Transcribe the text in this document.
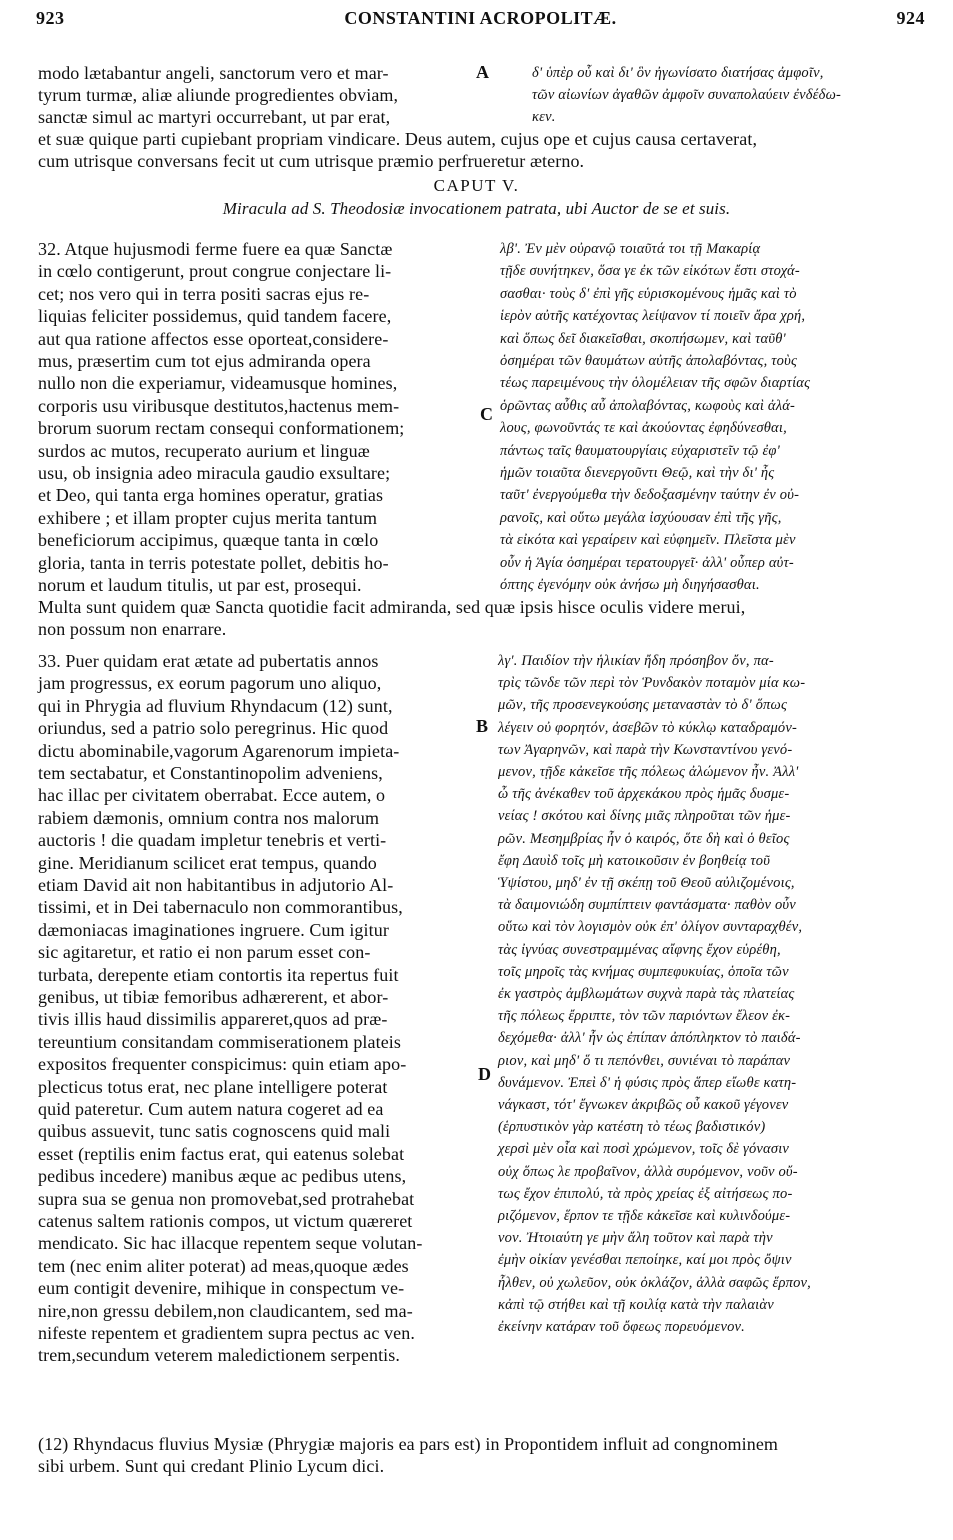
923	CONSTANTINI ACROPOLITÆ.	924
A
B
C
D
modo lætabantur angeli, sanctorum vero et mar-
tyrum turmæ, aliæ aliunde progredientes obviam,
sanctæ simul ac martyri occurrebant, ut par erat,
δ' ὑπὲρ οὗ καὶ δι' ὃν ἠγωνίσατο διατήσας ἀμφοῖν,
τῶν αἰωνίων ἀγαθῶν ἀμφοῖν συναπολαύειν ἐνδέδω-
κεν.
et suæ quique parti cupiebant propriam vindicare. Deus autem, cujus ope et cujus causa certaverat,
cum utrisque conversans fecit ut cum utrisque præmio perfrueretur æterno.
CAPUT V.
Miracula ad S. Theodosiæ invocationem patrata, ubi Auctor de se et suis.
32. Atque hujusmodi ferme fuere ea quæ Sanctæ
in cœlo contigerunt, prout congrue conjectare li-
cet; nos vero qui in terra positi sacras ejus re-
liquias feliciter possidemus, quid tandem facere,
aut qua ratione affectos esse oporteat,considere-
mus, præsertim cum tot ejus admiranda opera
nullo non die experiamur, videamusque homines,
corporis usu viribusque destitutos,hactenus mem-
brorum suorum rectam consequi conformationem;
surdos ac mutos, recuperato aurium et linguæ
usu, ob insignia adeo miracula gaudio exsultare;
et Deo, qui tanta erga homines operatur, gratias
exhibere ; et illam propter cujus merita tantum
beneficiorum accipimus, quæque tanta in cœlo
gloria, tanta in terris potestate pollet, debitis ho-
norum et laudum titulis, ut par est, prosequi.
λβ'. Ἐν μὲν οὐρανῷ τοιαῦτά τοι τῇ Μακαρίᾳ
τῇδε συνήτηκεν, ὅσα γε ἐκ τῶν εἰκότων ἔστι στοχά-
σασθαι· τοὺς δ' ἐπὶ γῆς εὑρισκομένους ἡμᾶς καὶ τὸ
ἱερὸν αὐτῆς κατέχοντας λείψανον τί ποιεῖν ἄρα χρή,
καὶ ὅπως δεῖ διακεῖσθαι, σκοπήσωμεν, καὶ ταῦθ'
ὁσημέραι τῶν θαυμάτων αὐτῆς ἀπολαβόντας, τοὺς
τέως παρειμένους τὴν ὁλομέλειαν τῆς σφῶν διαρτίας
ὁρῶντας αὖθις αὖ ἀπολαβόντας, κωφοὺς καὶ ἀλά-
λους, φωνοῦντάς τε καὶ ἀκούοντας ἐφηδύνεσθαι,
πάντως ταῖς θαυματουργίαις εὐχαριστεῖν τῷ ἐφ'
ἡμῶν τοιαῦτα διενεργοῦντι Θεῷ, καὶ τὴν δι' ἧς
ταῦτ' ἐνεργούμεθα τὴν δεδοξασμένην ταύτην ἐν οὐ-
ρανοῖς, καὶ οὕτω μεγάλα ἰσχύουσαν ἐπὶ τῆς γῆς,
τὰ εἰκότα καὶ γεραίρειν καὶ εὐφημεῖν. Πλεῖστα μὲν
οὖν ἡ Ἁγία ὁσημέραι τερατουργεῖ· ἀλλ' οὗπερ αὐτ-
όπτης ἐγενόμην οὐκ ἀνήσω μὴ διηγήσασθαι.
Multa sunt quidem quæ Sancta quotidie facit admiranda, sed quæ ipsis hisce oculis videre merui,
non possum non enarrare.
33. Puer quidam erat ætate ad pubertatis annos
jam progressus, ex eorum pagorum uno aliquo,
qui in Phrygia ad fluvium Rhyndacum (12) sunt,
oriundus, sed a patrio solo peregrinus. Hic quod
dictu abominabile,vagorum Agarenorum impieta-
tem sectabatur, et Constantinopolim adveniens,
hac illac per civitatem oberrabat. Ecce autem, o
rabiem dæmonis, omnium contra nos malorum
auctoris ! die quadam impletur tenebris et verti-
gine. Meridianum scilicet erat tempus, quando
etiam David ait non habitantibus in adjutorio Al-
tissimi, et in Dei tabernaculo non commorantibus,
dæmoniacas imaginationes ingruere. Cum igitur
sic agitaretur, et ratio ei non parum esset con-
turbata, derepente etiam contortis ita repertus fuit
genibus, ut tibiæ femoribus adhærerent, et abor-
tivis illis haud dissimilis appareret,quos ad præ-
tereuntium consitandam commiserationem plateis
expositos frequenter conspicimus: quin etiam apo-
plecticus totus erat, nec plane intelligere poterat
quid pateretur. Cum autem natura cogeret ad ea
quibus assuevit, tunc satis cognoscens quid mali
esset (reptilis enim factus erat, qui eatenus solebat
pedibus incedere) manibus æque ac pedibus utens,
supra sua se genua non promovebat,sed protrahebat
catenus saltem rationis compos, ut victum quæreret
mendicato. Sic hac illacque repentem seque volutan-
tem (nec enim aliter poterat) ad meas,quoque ædes
eum contigit devenire, mihique in conspectum ve-
nire,non gressu debilem,non claudicantem, sed ma-
nifeste repentem et gradientem supra pectus ac ven.
trem,secundum veterem maledictionem serpentis.
λγ'. Παιδίον τὴν ἡλικίαν ἤδη πρόσηβον ὄν, πα-
τρὶς τῶνδε τῶν περὶ τὸν Ῥυνδακὸν ποταμὸν μία κω-
μῶν, τῆς προσενεγκούσης μεταναστὰν τὸ δ' ὅπως
λέγειν οὐ φορητόν, ἀσεβῶν τὸ κύκλῳ καταδραμόν-
των Ἀγαρηνῶν, καὶ παρὰ τὴν Κωνσταντίνου γενό-
μενον, τῇδε κἀκεῖσε τῆς πόλεως ἀλώμενον ἦν. Ἀλλ'
ὦ τῆς ἀνέκαθεν τοῦ ἀρχεκάκου πρὸς ἡμᾶς δυσμε-
νείας ! σκότου καὶ δίνης μιᾶς πληροῦται τῶν ἡμε-
ρῶν. Μεσημβρίας ἦν ὁ καιρός, ὅτε δὴ καὶ ὁ θεῖος
ἔφη Δαυὶδ τοῖς μὴ κατοικοῦσιν ἐν βοηθείᾳ τοῦ
Ὑψίστου, μηδ' ἐν τῇ σκέπῃ τοῦ Θεοῦ αὐλιζομένοις,
τὰ δαιμονιώδη συμπίπτειν φαντάσματα· παθὸν οὖν
οὕτω καὶ τὸν λογισμὸν οὐκ ἐπ' ὀλίγον συνταραχθέν,
τὰς ἰγνύας συνεστραμμένας αἴφνης ἔχον εὑρέθη,
τοῖς μηροῖς τὰς κνήμας συμπεφυκυίας, ὁποῖα τῶν
ἐκ γαστρὸς ἀμβλωμάτων συχνὰ παρὰ τὰς πλατείας
τῆς πόλεως ἔρριπτε, τὸν τῶν παριόντων ἔλεον ἐκ-
δεχόμεθα· ἀλλ' ἦν ὡς ἐπίπαν ἀπόπληκτον τὸ παιδά-
ριον, καὶ μηδ' ὅ τι πεπόνθει, συνιέναι τὸ παράπαν
δυνάμενον. Ἐπεὶ δ' ἡ φύσις πρὸς ἅπερ εἴωθε κατη-
νάγκαστ, τότ' ἔγνωκεν ἀκριβῶς οὗ κακοῦ γέγονεν
(ἑρπυστικὸν γὰρ κατέστη τὸ τέως βαδιστικόν)
χερσὶ μὲν οἷα καὶ ποσὶ χρώμενον, τοῖς δὲ γόνασιν
οὐχ ὅπως λε προβαῖνον, ἀλλὰ συρόμενον, νοῦν οὔ-
τως ἔχον ἐπιπολύ, τὰ πρὸς χρείας ἐξ αἰτήσεως πο-
ριζόμενον, ἕρπον τε τῇδε κἀκεῖσε καὶ κυλινδούμε-
νον. Ἠτοιαύτη γε μὴν ἄλη τοῦτον καὶ παρὰ τὴν
ἐμὴν οἰκίαν γενέσθαι πεποίηκε, καί μοι πρὸς ὄψιν
ἦλθεν, οὐ χωλεῦον, οὐκ ὀκλάζον, ἀλλὰ σαφῶς ἕρπον,
κἀπὶ τῷ στήθει καὶ τῇ κοιλίᾳ κατὰ τὴν παλαιὰν
ἐκείνην κατάραν τοῦ ὄφεως πορευόμενον.
(12) Rhyndacus fluvius Mysiæ (Phrygiæ majoris ea pars est) in Propontidem influit ad congnominem
sibi urbem. Sunt qui credant Plinio Lycum dici.
